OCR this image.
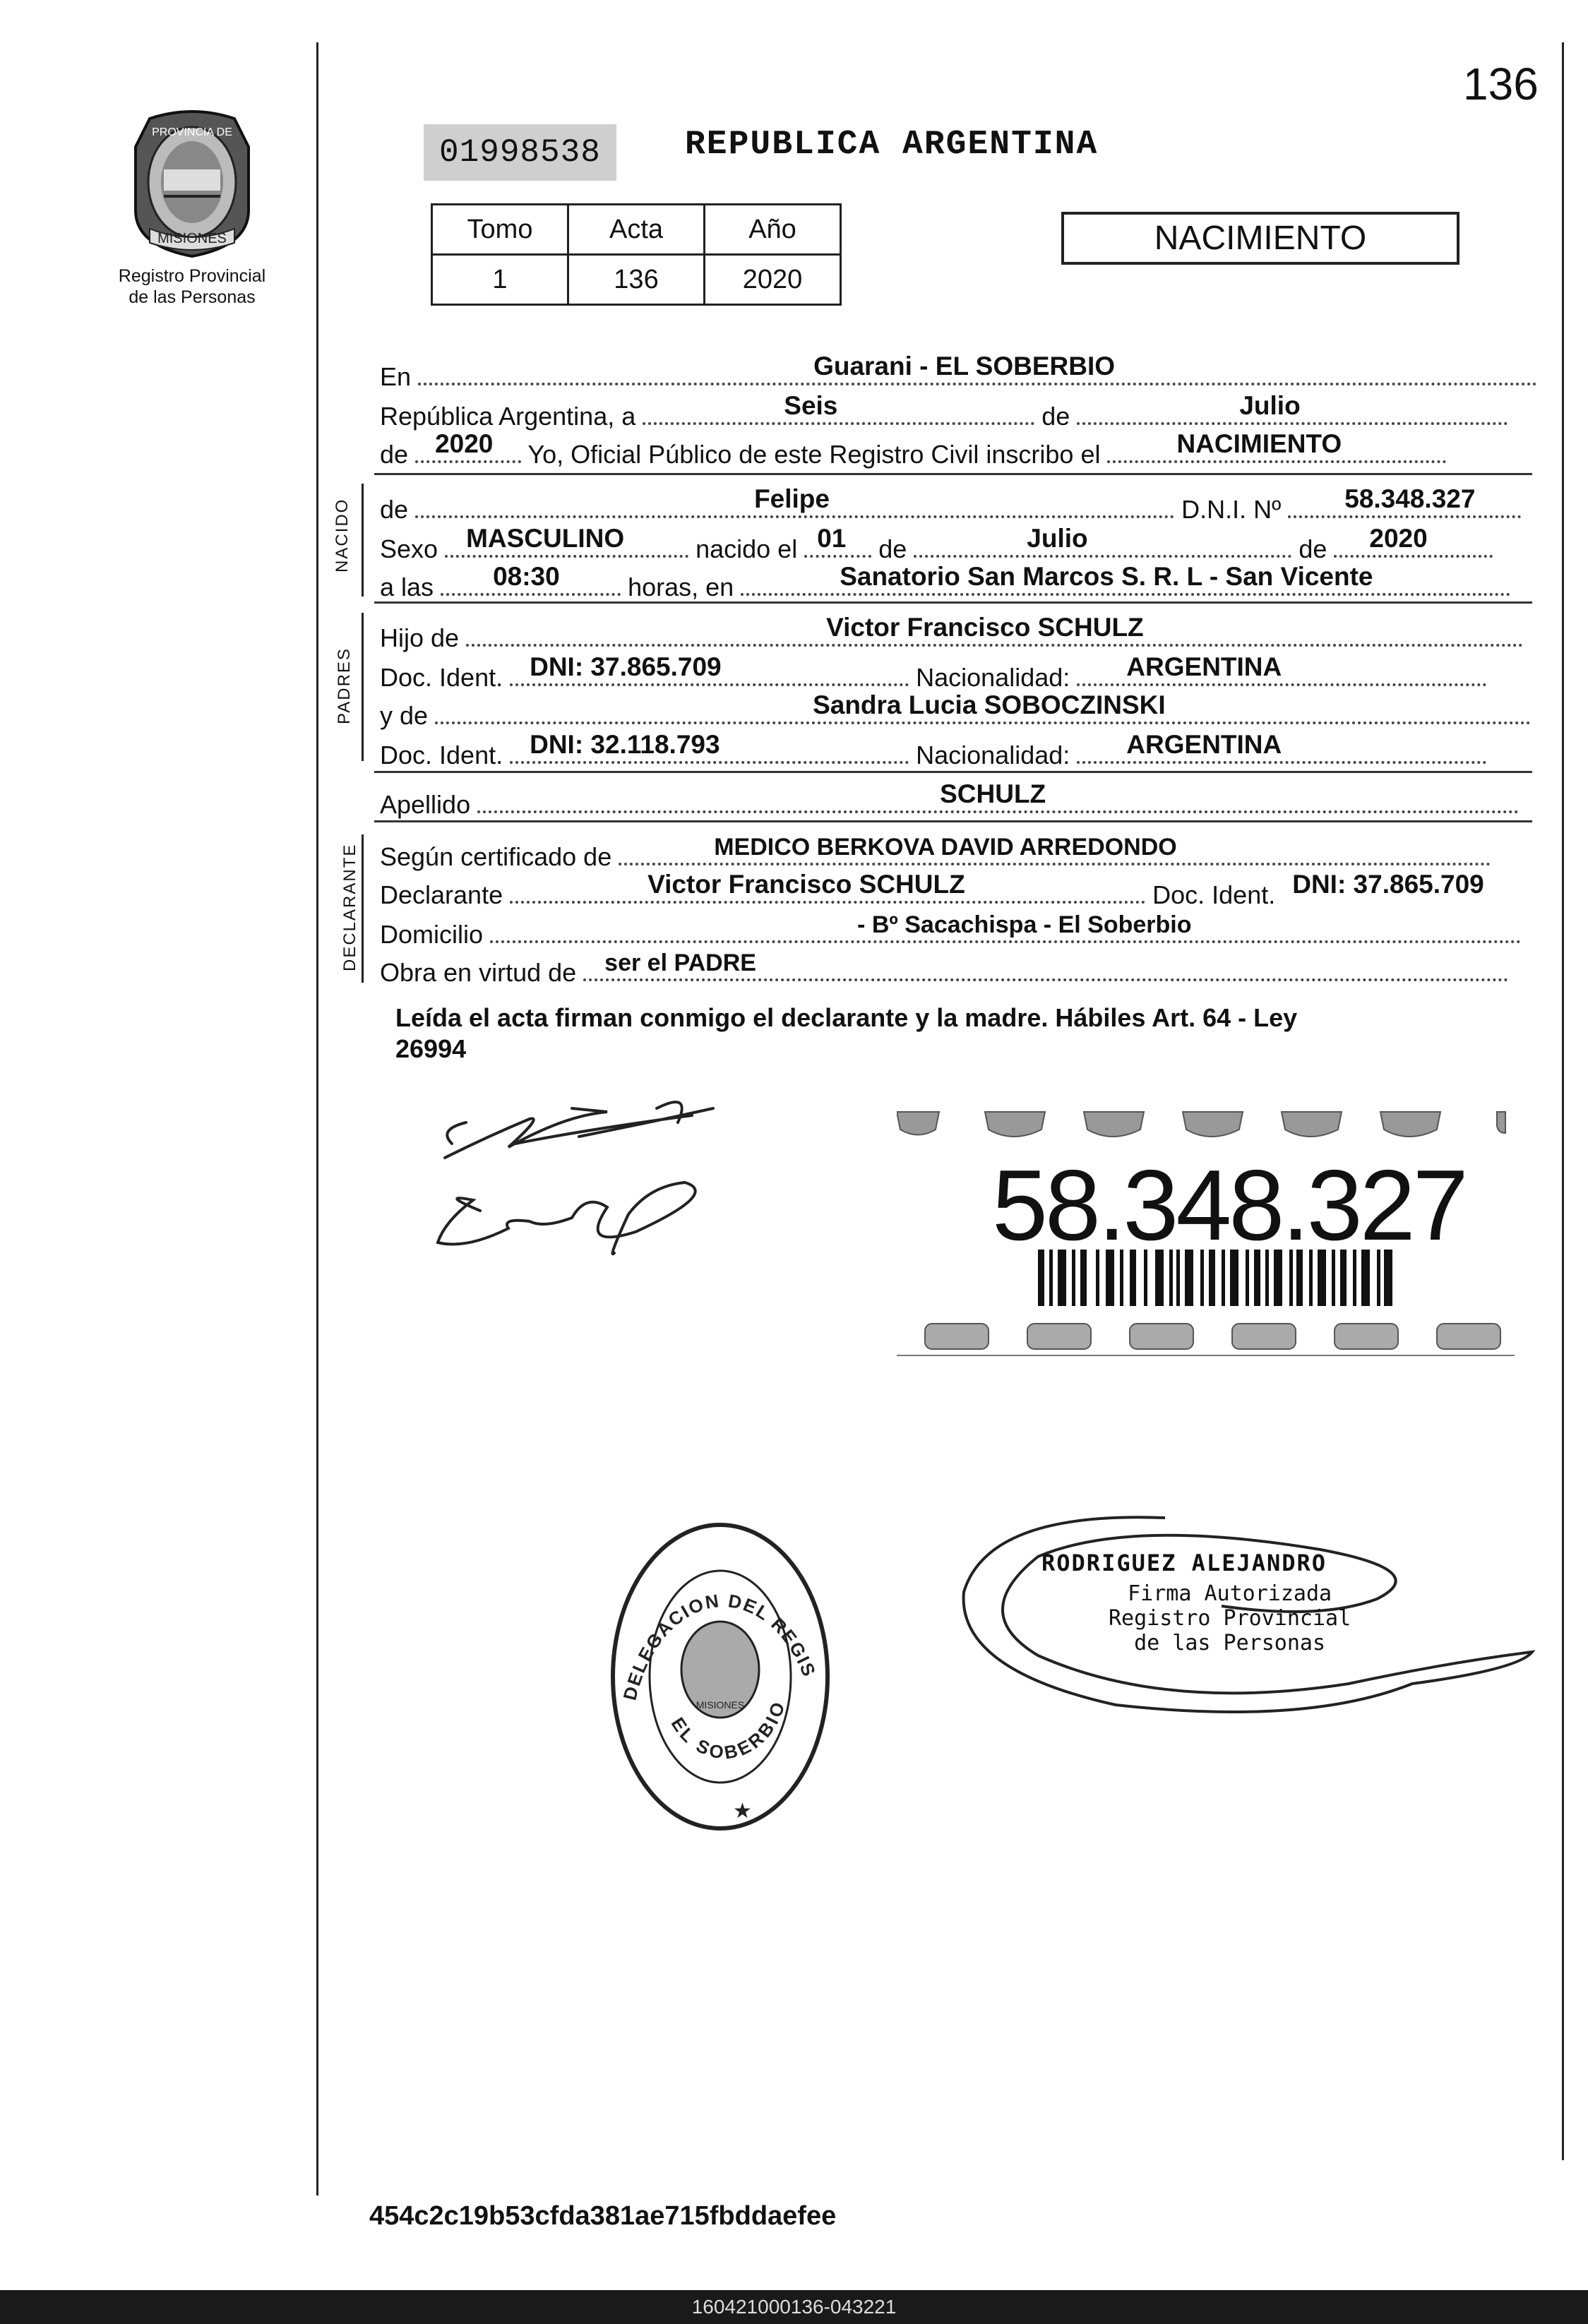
136
PROVINCIA DE
MISIONES
Registro Provincial
de las Personas
01998538	REPUBLICA ARGENTINA
Tomo	Acta	Año
1	136	2020
NACIMIENTO
NACIDO
PADRES
DECLARANTE
En	Guarani - EL SOBERBIO
República Argentina, a	Seis	de	Julio
de 2020 Yo, Oficial Público de este Registro Civil inscribo el	NACIMIENTO
de	Felipe	D.N.I. Nº 58.348.327
Sexo MASCULINO	nacido el 01 de	Julio	de 2020
a las 08:30	horas, en	Sanatorio San Marcos S. R. L - San Vicente
Hijo de	Victor Francisco SCHULZ
Doc. Ident. DNI: 37.865.709	Nacionalidad: ARGENTINA
y de	Sandra Lucia SOBOCZINSKI
Doc. Ident. DNI: 32.118.793	Nacionalidad: ARGENTINA
Apellido	SCHULZ
Según certificado de	MEDICO BERKOVA DAVID ARREDONDO
Declarante	Victor Francisco SCHULZ	Doc. Ident. DNI: 37.865.709
Domicilio	- Bº Sacachispa - El Soberbio
Obra en virtud de ser el PADRE
Leída el acta firman conmigo el declarante y la madre. Hábiles Art. 64 - Ley
26994
58.348.327
MISIONES
DELEGACION DEL REGIS
EL SOBERBIO
★
RODRIGUEZ ALEJANDRO
Firma Autorizada
Registro Provincial
de las Personas
454c2c19b53cfda381ae715fbddaefee
160421000136-043221
